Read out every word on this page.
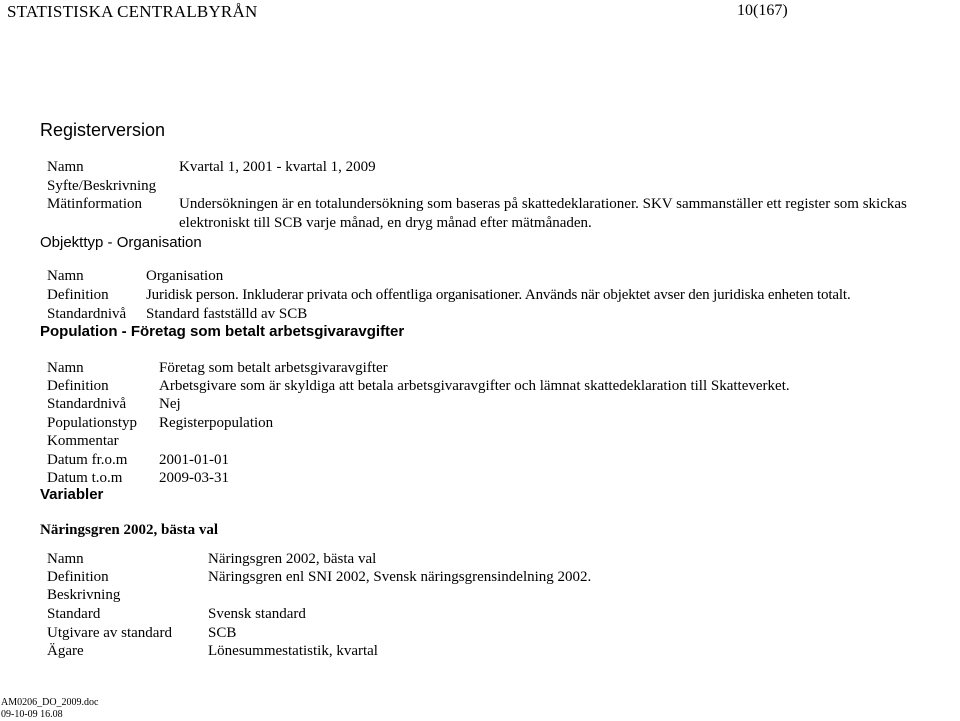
STATISTISKA CENTRALBYRÅN	10(167)
Registerversion
Namn	Kvartal 1, 2001 - kvartal 1, 2009
Syfte/Beskrivning
Mätinformation Undersökningen är en totalundersökning som baseras på skattedeklarationer. SKV sammanställer ett register som skickas
elektroniskt till SCB varje månad, en dryg månad efter mätmånaden.
Objekttyp - Organisation
Namn	Organisation
Definition Juridisk person. Inkluderar privata och offentliga organisationer. Används när objektet avser den juridiska enheten totalt.
Standardnivå Standard fastställd av SCB
Population - Företag som betalt arbetsgivaravgifter
Namn	Företag som betalt arbetsgivaravgifter
Definition	Arbetsgivare som är skyldiga att betala arbetsgivaravgifter och lämnat skattedeklaration till Skatteverket.
Standardnivå Nej
Populationstyp Registerpopulation
Kommentar
Datum fr.o.m 2001-01-01
Datum t.o.m 2009-03-31
Variabler
Näringsgren 2002, bästa val
Namn	Näringsgren 2002, bästa val
Definition	Näringsgren enl SNI 2002, Svensk näringsgrensindelning 2002.
Beskrivning
Standard	Svensk standard
Utgivare av standard SCB
Ägare	Lönesummestatistik, kvartal
AM0206_DO_2009.doc
09-10-09 16.08
